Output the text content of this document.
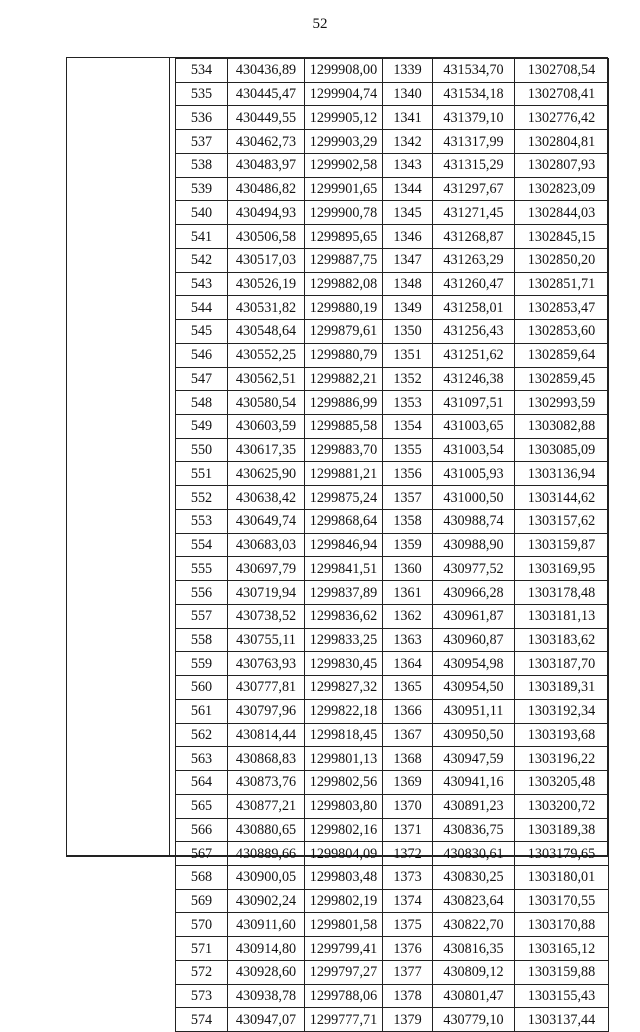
52
534	430436,89	1299908,00	1339	431534,70	1302708,54
535	430445,47	1299904,74	1340	431534,18	1302708,41
536	430449,55	1299905,12	1341	431379,10	1302776,42
537	430462,73	1299903,29	1342	431317,99	1302804,81
538	430483,97	1299902,58	1343	431315,29	1302807,93
539	430486,82	1299901,65	1344	431297,67	1302823,09
540	430494,93	1299900,78	1345	431271,45	1302844,03
541	430506,58	1299895,65	1346	431268,87	1302845,15
542	430517,03	1299887,75	1347	431263,29	1302850,20
543	430526,19	1299882,08	1348	431260,47	1302851,71
544	430531,82	1299880,19	1349	431258,01	1302853,47
545	430548,64	1299879,61	1350	431256,43	1302853,60
546	430552,25	1299880,79	1351	431251,62	1302859,64
547	430562,51	1299882,21	1352	431246,38	1302859,45
548	430580,54	1299886,99	1353	431097,51	1302993,59
549	430603,59	1299885,58	1354	431003,65	1303082,88
550	430617,35	1299883,70	1355	431003,54	1303085,09
551	430625,90	1299881,21	1356	431005,93	1303136,94
552	430638,42	1299875,24	1357	431000,50	1303144,62
553	430649,74	1299868,64	1358	430988,74	1303157,62
554	430683,03	1299846,94	1359	430988,90	1303159,87
555	430697,79	1299841,51	1360	430977,52	1303169,95
556	430719,94	1299837,89	1361	430966,28	1303178,48
557	430738,52	1299836,62	1362	430961,87	1303181,13
558	430755,11	1299833,25	1363	430960,87	1303183,62
559	430763,93	1299830,45	1364	430954,98	1303187,70
560	430777,81	1299827,32	1365	430954,50	1303189,31
561	430797,96	1299822,18	1366	430951,11	1303192,34
562	430814,44	1299818,45	1367	430950,50	1303193,68
563	430868,83	1299801,13	1368	430947,59	1303196,22
564	430873,76	1299802,56	1369	430941,16	1303205,48
565	430877,21	1299803,80	1370	430891,23	1303200,72
566	430880,65	1299802,16	1371	430836,75	1303189,38
567	430889,66	1299804,09	1372	430830,61	1303179,65
568	430900,05	1299803,48	1373	430830,25	1303180,01
569	430902,24	1299802,19	1374	430823,64	1303170,55
570	430911,60	1299801,58	1375	430822,70	1303170,88
571	430914,80	1299799,41	1376	430816,35	1303165,12
572	430928,60	1299797,27	1377	430809,12	1303159,88
573	430938,78	1299788,06	1378	430801,47	1303155,43
574	430947,07	1299777,71	1379	430779,10	1303137,44
